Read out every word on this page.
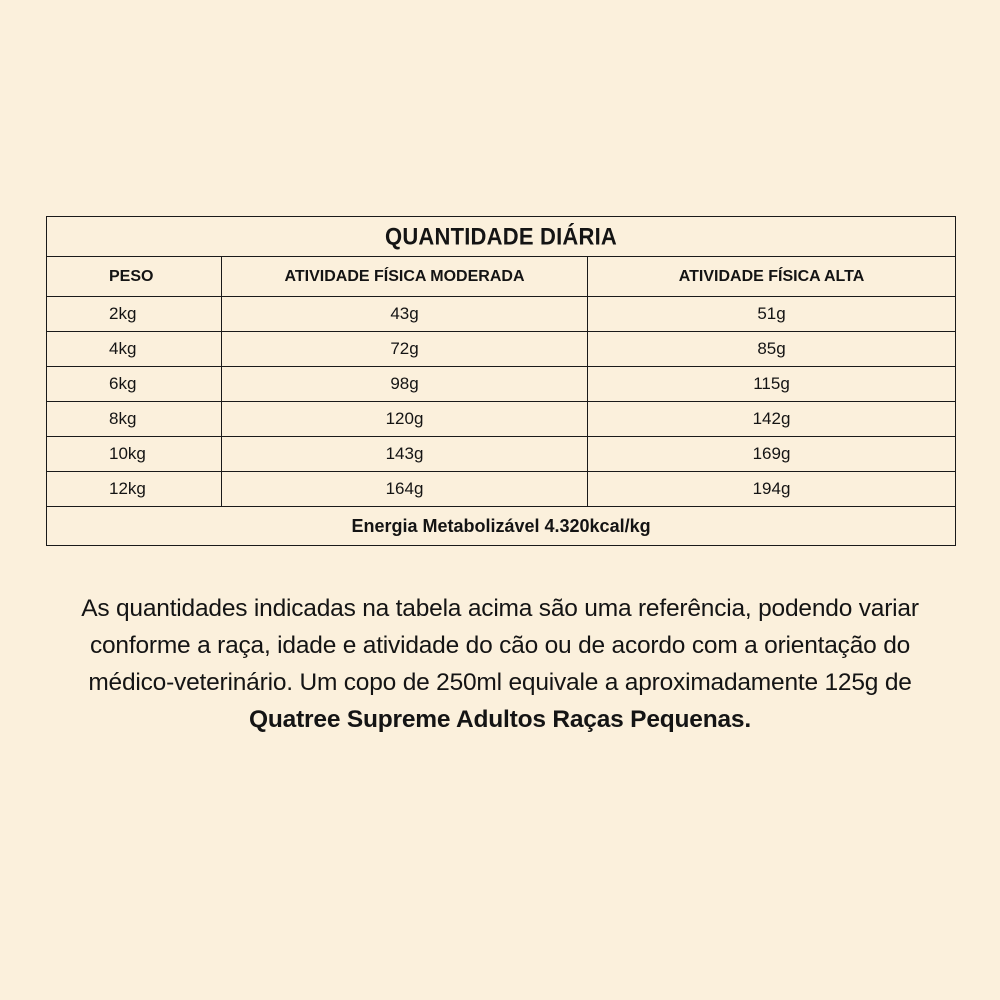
QUANTIDADE DIÁRIA		
PESO	ATIVIDADE FÍSICA MODERADA	ATIVIDADE FÍSICA ALTA
2kg	43g	51g
4kg	72g	85g
6kg	98g	115g
8kg	120g	142g
10kg	143g	169g
12kg	164g	194g
Energia Metabolizável 4.320kcal/kg		
As quantidades indicadas na tabela acima são uma referência, podendo variar
conforme a raça, idade e atividade do cão ou de acordo com a orientação do
médico-veterinário. Um copo de 250ml equivale a aproximadamente 125g de
Quatree Supreme Adultos Raças Pequenas.
